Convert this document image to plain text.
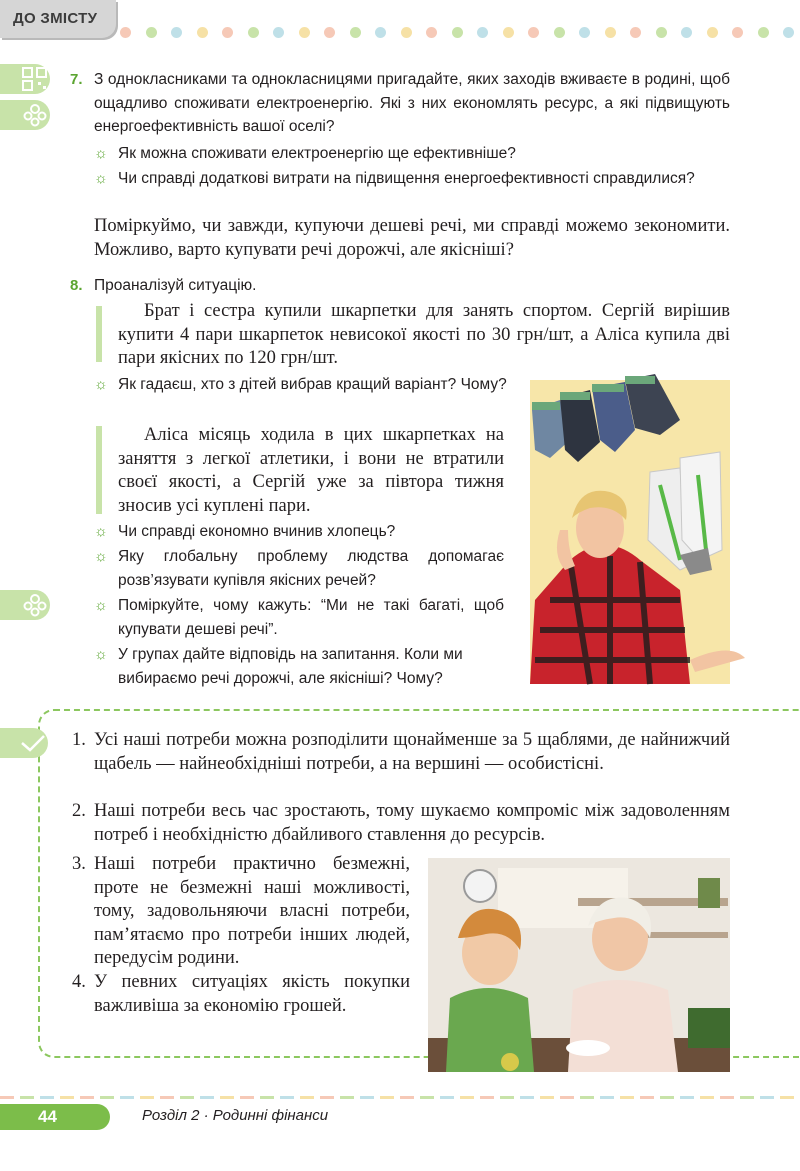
ДО ЗМІСТУ
7. З однокласниками та однокласницями пригадайте, яких заходів вживаєте в родині, щоб ощадливо споживати електроенергію. Які з них економлять ресурс, а які підвищують енергоефективність вашої оселі?
☼ Як можна споживати електроенергію ще ефективніше?
☼ Чи справді додаткові витрати на підвищення енергоефективності справдилися?
Поміркуймо, чи завжди, купуючи дешеві речі, ми справді можемо зекономити. Можливо, варто купувати речі дорожчі, але якісніші?
8. Проаналізуй ситуацію.
Брат і сестра купили шкарпетки для занять спортом. Сергій вирішив купити 4 пари шкарпеток невисокої якості по 30 грн/шт, а Аліса купила дві пари якісних по 120 грн/шт.
☼ Як гадаєш, хто з дітей вибрав кращий варіант? Чому?
Аліса місяць ходила в цих шкарпетках на заняття з легкої атлетики, і вони не втратили своєї якості, а Сергій уже за півтора тижня зносив усі куплені пари.
☼ Чи справді економно вчинив хлопець?
☼ Яку глобальну проблему людства допомагає розв’язувати купівля якісних речей?
☼ Поміркуйте, чому кажуть: “Ми не такі багаті, щоб купувати дешеві речі”.
☼ У групах дайте відповідь на запитання. Коли ми вибираємо речі дорожчі, але якісніші? Чому?
1. Усі наші потреби можна розподілити щонайменше за 5 щаблями, де найнижчий щабель — найнеобхідніші потреби, а на вершині — особистісні.
2. Наші потреби весь час зростають, тому шукаємо компроміс між задоволенням потреб і необхідністю дбайливого ставлення до ресурсів.
3. Наші потреби практично безмежні, проте не безмежні наші можливості, тому, задовольняючи власні потреби, пам’ятаємо про потреби інших людей, передусім родини.
4. У певних ситуаціях якість покупки важливіша за економію грошей.
44	Розділ 2 · Родинні фінанси
